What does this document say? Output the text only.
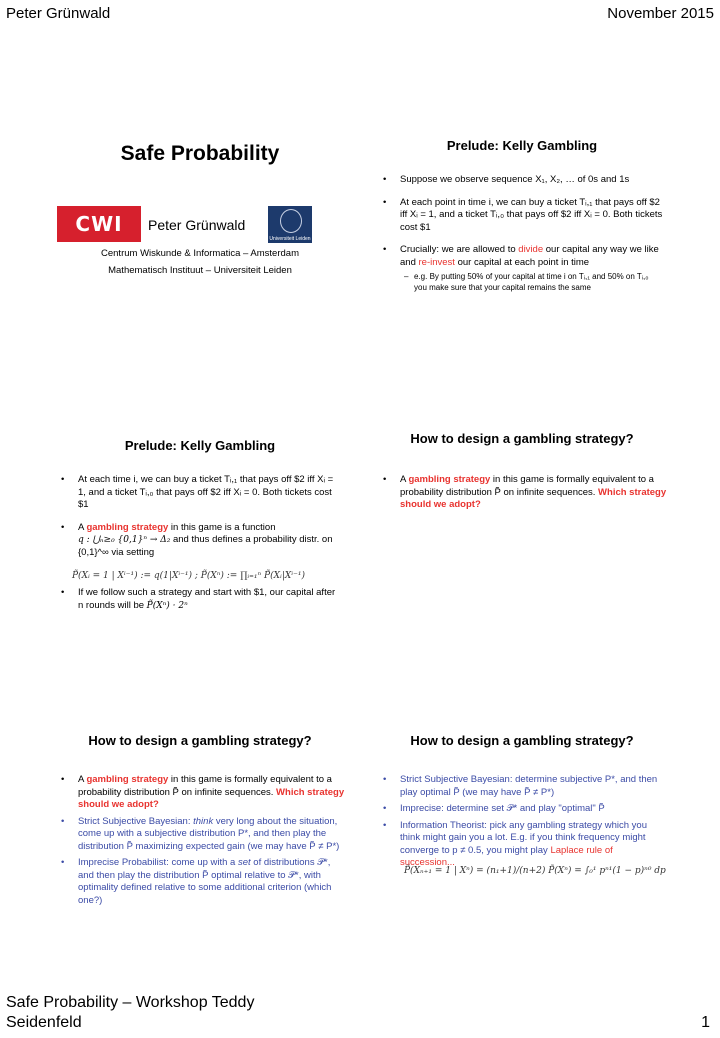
Peter Grünwald	November 2015
Safe Probability
CWI Peter Grünwald
Universiteit Leiden
Centrum Wiskunde & Informatica – Amsterdam
Mathematisch Instituut – Universiteit Leiden
Prelude: Kelly Gambling
• Suppose we observe sequence X₁, X₂, … of 0s and 1s
• At each point in time i, we can buy a ticket Tᵢ,₁ that pays off $2 iff Xᵢ = 1, and a ticket Tᵢ,₀ that pays off $2 iff Xᵢ = 0. Both tickets cost $1
• Crucially: we are allowed to divide our capital any way we like and re-invest our capital at each point in time
– e.g. By putting 50% of your capital at time i on Tᵢ,₁ and 50% on Tᵢ,₀ you make sure that your capital remains the same
Prelude: Kelly Gambling
• At each time i, we can buy a ticket Tᵢ,₁ that pays off $2 iff Xᵢ = 1, and a ticket Tᵢ,₀ that pays off $2 iff Xᵢ = 0. Both tickets cost $1
• A gambling strategy in this game is a function
q : ⋃ₙ≥₀ {0,1}ⁿ → Δ₂ and thus defines a probability distr. on {0,1}^∞ via setting
• If we follow such a strategy and start with $1, our capital after n rounds will be P̃(Xⁿ) · 2ⁿ
P̃(Xᵢ = 1 | Xⁱ⁻¹) := q(1|Xⁱ⁻¹) ; P̃(Xⁿ) := ∏ᵢ₌₁ⁿ P̃(Xᵢ|Xⁱ⁻¹)
How to design a gambling strategy?
• A gambling strategy in this game is formally equivalent to a probability distribution P̃ on infinite sequences. Which strategy should we adopt?
How to design a gambling strategy?
• A gambling strategy in this game is formally equivalent to a probability distribution P̃ on infinite sequences. Which strategy should we adopt?
• Strict Subjective Bayesian: think very long about the situation, come up with a subjective distribution P*, and then play the distribution P̃ maximizing expected gain (we may have P̃ ≠ P*)
• Imprecise Probabilist: come up with a set of distributions 𝒫*, and then play the distribution P̃ optimal relative to 𝒫*, with optimality defined relative to some additional criterion (which one?)
How to design a gambling strategy?
• Strict Subjective Bayesian: determine subjective P*, and then play optimal P̃ (we may have P̃ ≠ P*)
• Imprecise: determine set 𝒫* and play "optimal" P̃
• Information Theorist: pick any gambling strategy which you think might gain you a lot. E.g. if you think frequency might converge to p ≠ 0.5, you might play Laplace rule of succession...
P̃(Xₙ₊₁ = 1 | Xⁿ) = (n₁+1)/(n+2) P̃(Xⁿ) = ∫₀¹ pⁿ¹(1 − p)ⁿ⁰ dp
Safe Probability – Workshop Teddy
Seidenfeld	1
